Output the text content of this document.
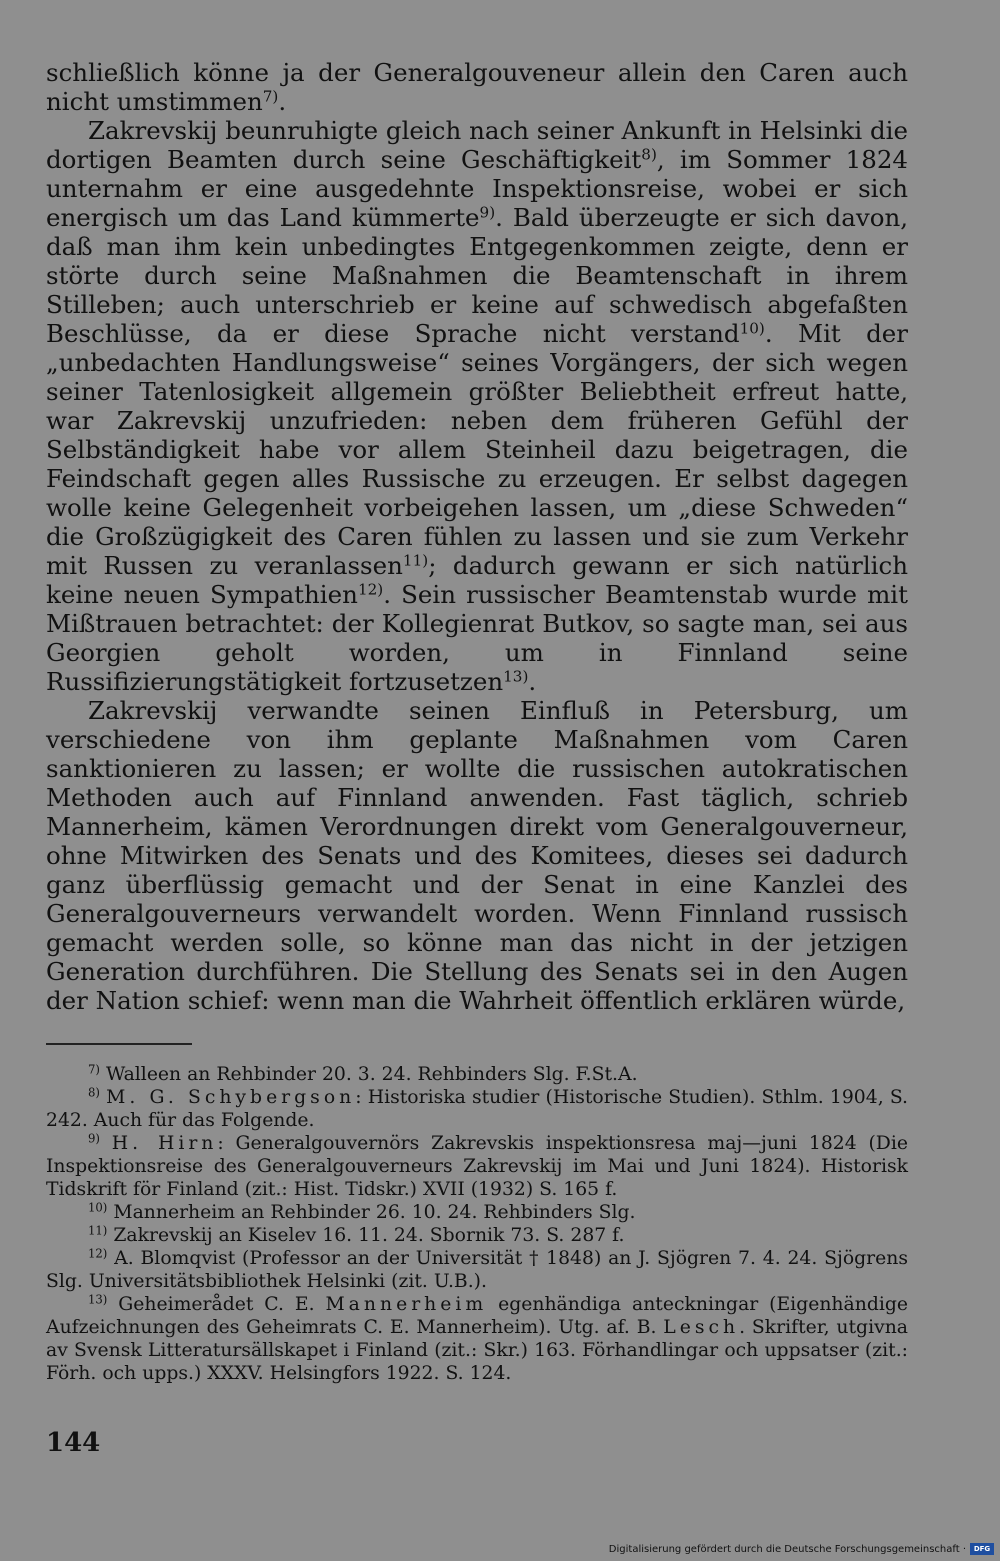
schließlich könne ja der Generalgouveneur allein den Caren auch nicht umstimmen$^{7)}$.

Zakrevskij beunruhigte gleich nach seiner Ankunft in Helsinki die dortigen Beamten durch seine Geschäftigkeit$^{8)}$, im Sommer 1824 unternahm er eine ausgedehnte Inspektionsreise, wobei er sich energisch um das Land kümmerte$^{9)}$. Bald überzeugte er sich davon, daß man ihm kein unbedingtes Entgegenkommen zeigte, denn er störte durch seine Maßnahmen die Beamtenschaft in ihrem Stilleben; auch unterschrieb er keine auf schwedisch abgefaßten Beschlüsse, da er diese Sprache nicht verstand$^{10)}$. Mit der „unbedachten Handlungsweise“ seines Vorgängers, der sich wegen seiner Tatenlosigkeit allgemein größter Beliebtheit erfreut hatte, war Zakrevskij unzufrieden: neben dem früheren Gefühl der Selbständigkeit habe vor allem Steinheil dazu beigetragen, die Feindschaft gegen alles Russische zu erzeugen. Er selbst dagegen wolle keine Gelegenheit vorbeigehen lassen, um „diese Schweden“ die Großzügigkeit des Caren fühlen zu lassen und sie zum Verkehr mit Russen zu veranlassen$^{11)}$; dadurch gewann er sich natürlich keine neuen Sympathien$^{12)}$. Sein russischer Beamtenstab wurde mit Mißtrauen betrachtet: der Kollegienrat Butkov, so sagte man, sei aus Georgien geholt worden, um in Finnland seine Russifizierungstätigkeit fortzusetzen$^{13)}$.

Zakrevskij verwandte seinen Einfluß in Petersburg, um verschiedene von ihm geplante Maßnahmen vom Caren sanktionieren zu lassen; er wollte die russischen autokratischen Methoden auch auf Finnland anwenden. Fast täglich, schrieb Mannerheim, kämen Verordnungen direkt vom Generalgouverneur, ohne Mitwirken des Senats und des Komitees, dieses sei dadurch ganz überflüssig gemacht und der Senat in eine Kanzlei des Generalgouverneurs verwandelt worden. Wenn Finnland russisch gemacht werden solle, so könne man das nicht in der jetzigen Generation durchführen. Die Stellung des Senats sei in den Augen der Nation schief: wenn man die Wahrheit öffentlich erklären würde,

$^{7)}$ Walleen an Rehbinder 20. 3. 24. Rehbinders Slg. F.St.A.

$^{8)}$ M. G. Schybergson: Historiska studier (Historische Studien). Sthlm. 1904, S. 242. Auch für das Folgende.

$^{9)}$ H. Hirn: Generalgouvernörs Zakrevskis inspektionsresa maj—juni 1824 (Die Inspektionsreise des Generalgouverneurs Zakrevskij im Mai und Juni 1824). Historisk Tidskrift för Finland (zit.: Hist. Tidskr.) XVII (1932) S. 165 f.

$^{10)}$ Mannerheim an Rehbinder 26. 10. 24. Rehbinders Slg.

$^{11)}$ Zakrevskij an Kiselev 16. 11. 24. Sbornik 73. S. 287 f.

$^{12)}$ A. Blomqvist (Professor an der Universität † 1848) an J. Sjögren 7. 4. 24. Sjögrens Slg. Universitätsbibliothek Helsinki (zit. U.B.).

$^{13)}$ Geheimerådet C. E. Mannerheim egenhändiga anteckningar (Eigenhändige Aufzeichnungen des Geheimrats C. E. Mannerheim). Utg. af. B. Lesch. Skrifter, utgivna av Svensk Litteratursällskapet i Finland (zit.: Skr.) 163. Förhandlingar och uppsatser (zit.: Förh. och upps.) XXXV. Helsingfors 1922. S. 124.

144
Digitalisierung gefördert durch die Deutsche Forschungsgemeinschaft ·	DFG
